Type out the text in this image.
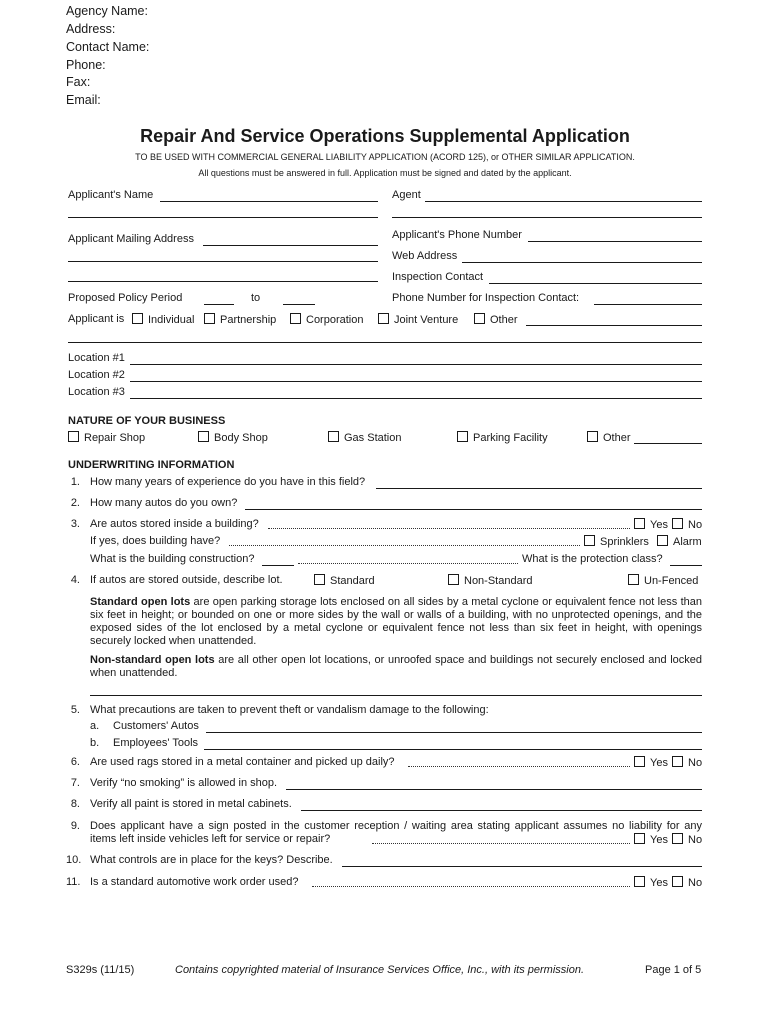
Agency Name:
Address:
Contact Name:
Phone:
Fax:
Email:
Repair And Service Operations Supplemental Application
TO BE USED WITH COMMERCIAL GENERAL LIABILITY APPLICATION (ACORD 125), or OTHER SIMILAR APPLICATION.
All questions must be answered in full. Application must be signed and dated by the applicant.
Applicant's Name	Agent
Applicant Mailing Address	Applicant's Phone Number
Web Address
Inspection Contact
Proposed Policy Period	to	Phone Number for Inspection Contact:
Applicant is	Individual	Partnership	Corporation	Joint Venture	Other
Location #1
Location #2
Location #3
NATURE OF YOUR BUSINESS
Repair Shop	Body Shop	Gas Station	Parking Facility	Other
UNDERWRITING INFORMATION
1. How many years of experience do you have in this field?
2. How many autos do you own?
3. Are autos stored inside a building?	Yes	No
If yes, does building have?	Sprinklers	Alarm
What is the building construction?	What is the protection class?
4. If autos are stored outside, describe lot.	Standard	Non-Standard	Un-Fenced
Standard open lots are open parking storage lots enclosed on all sides by a metal cyclone or equivalent fence not less than six feet in height; or bounded on one or more sides by the wall or walls of a building, with no unprotected openings, and the exposed sides of the lot enclosed by a metal cyclone or equivalent fence not less than six feet in height, with openings securely locked when unattended.
Non-standard open lots are all other open lot locations, or unroofed space and buildings not securely enclosed and locked when unattended.
5. What precautions are taken to prevent theft or vandalism damage to the following:
a. Customers' Autos
b. Employees' Tools
6. Are used rags stored in a metal container and picked up daily?	Yes	No
7. Verify “no smoking” is allowed in shop.
8. Verify all paint is stored in metal cabinets.
9. Does applicant have a sign posted in the customer reception / waiting area stating applicant assumes no liability for any
items left inside vehicles left for service or repair?	Yes	No
10. What controls are in place for the keys? Describe.
11. Is a standard automotive work order used?	Yes	No
S329s (11/15)	Contains copyrighted material of Insurance Services Office, Inc., with its permission.	Page 1 of 5
